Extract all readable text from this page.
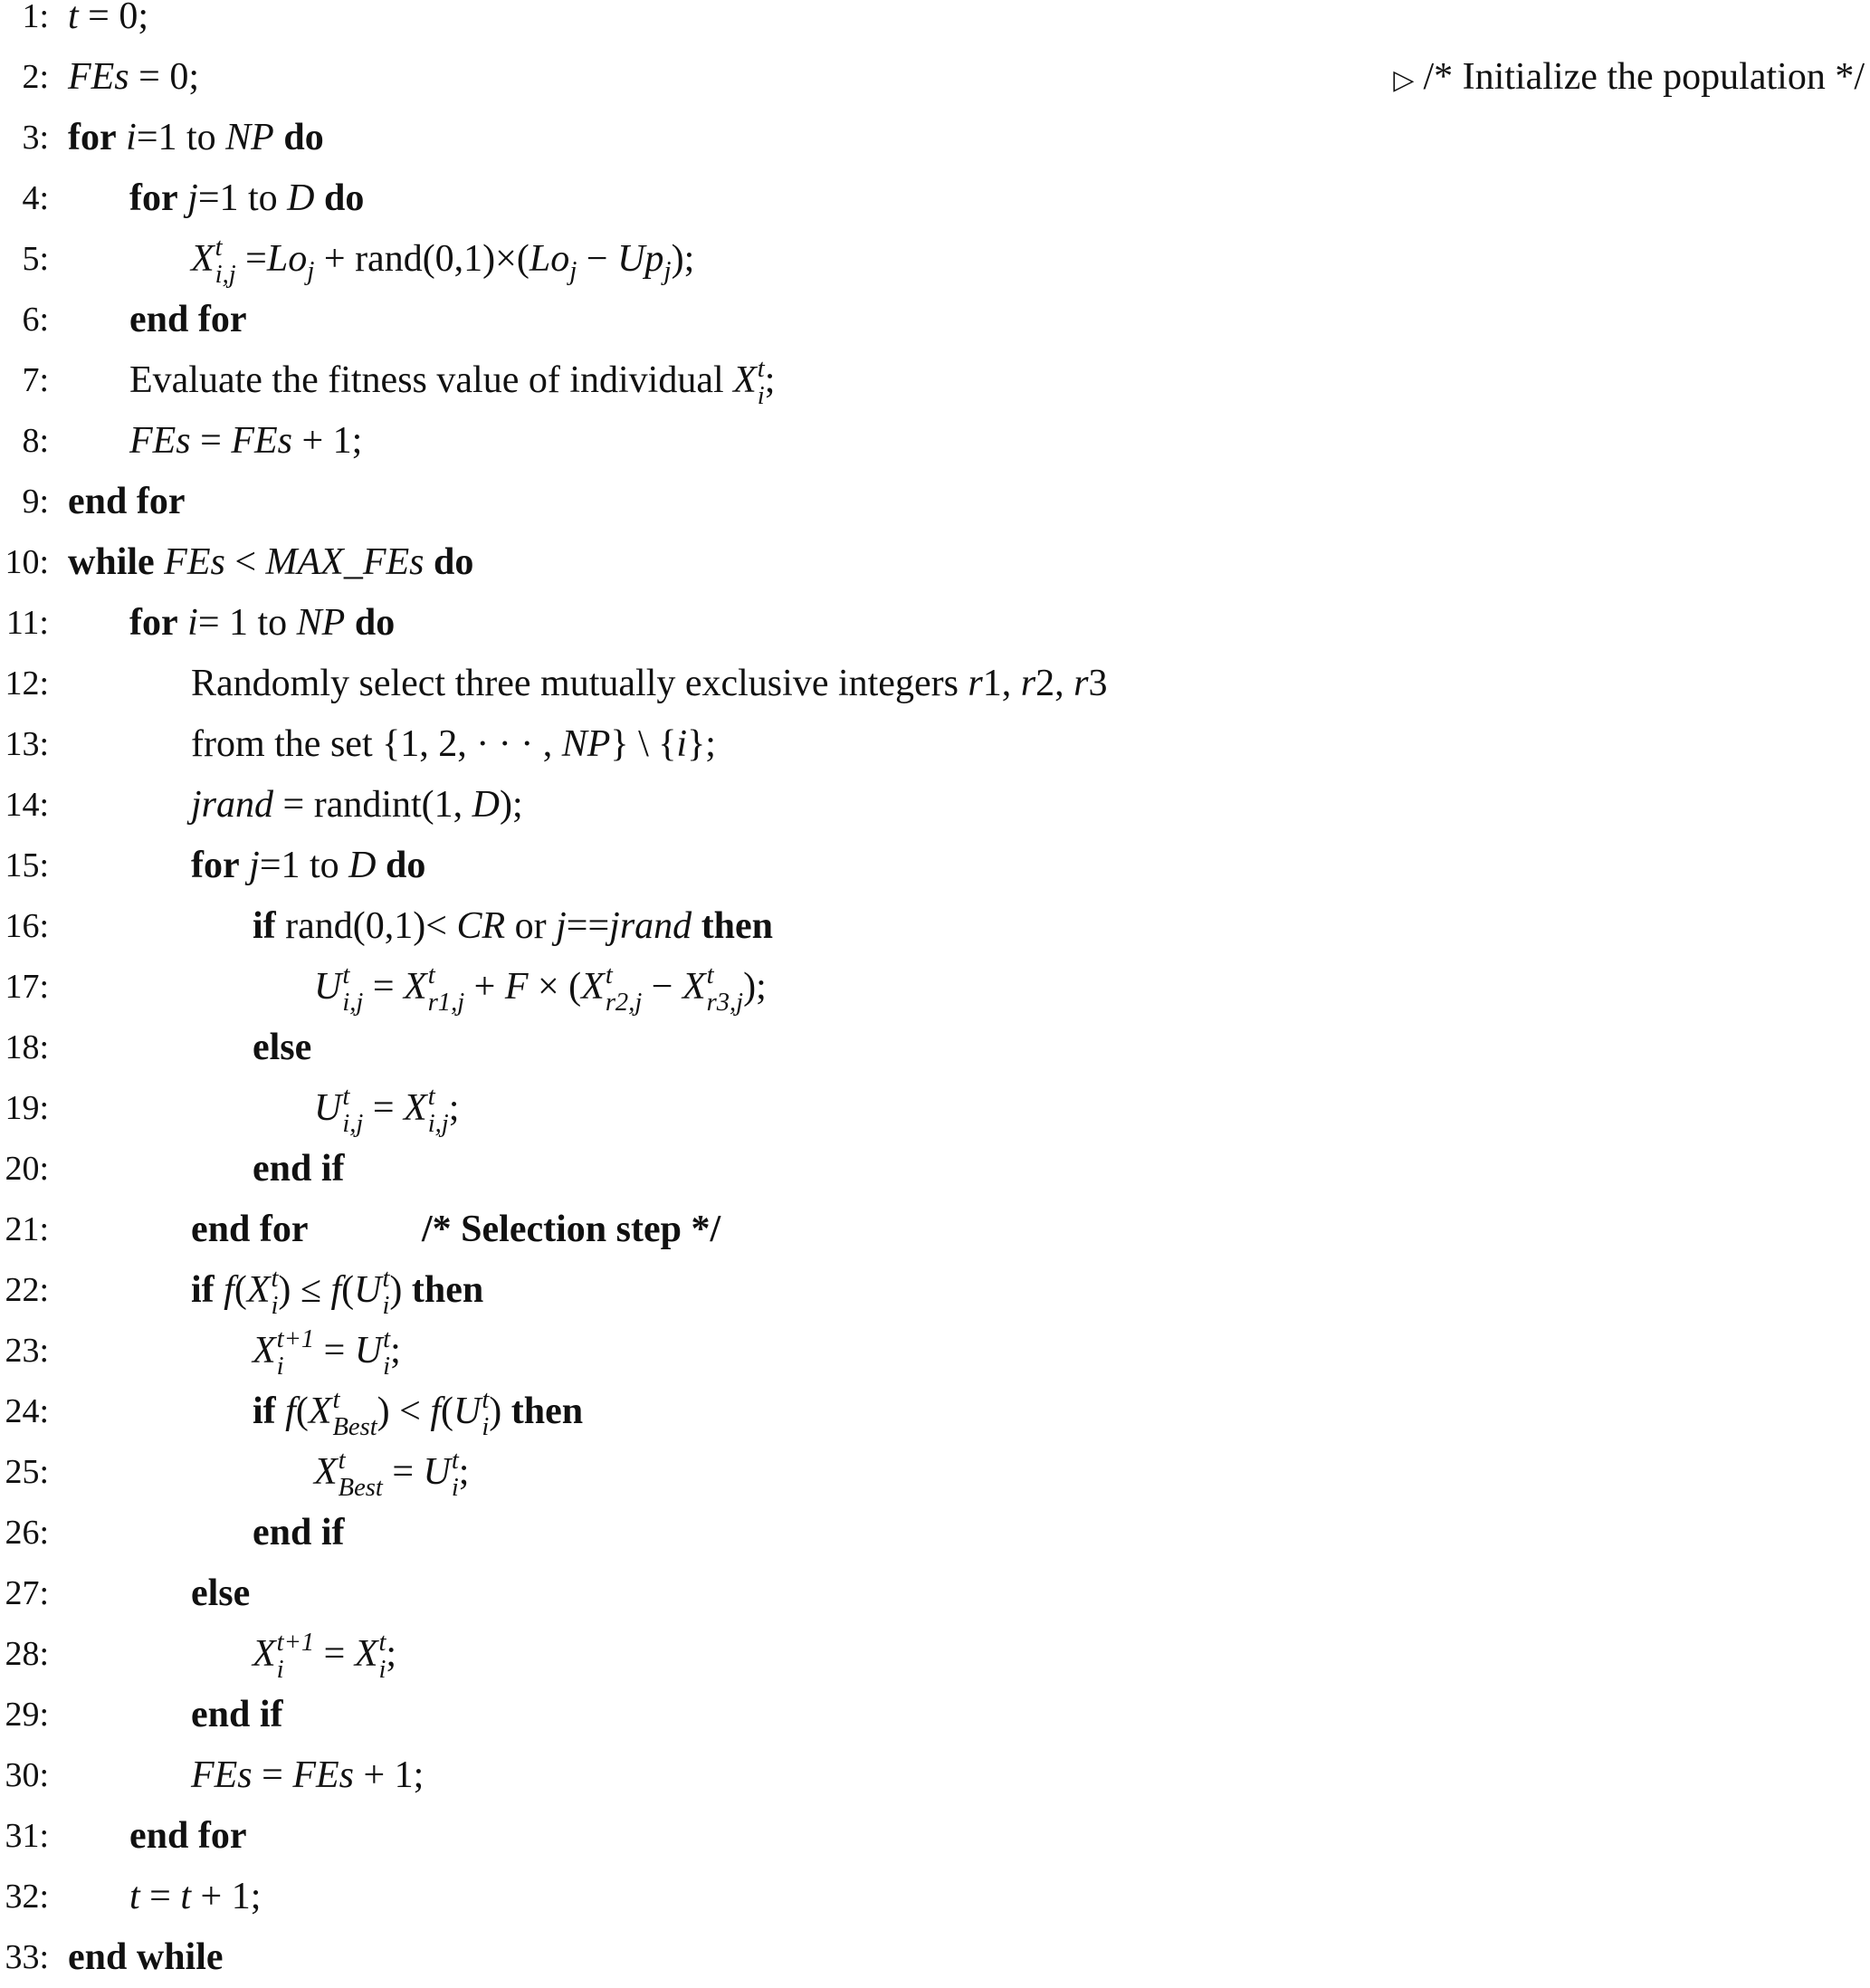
1: t = 0;
2: FEs = 0;	▷ /* Initialize the population */
3: for i=1 to NP do
4: for j=1 to D do
5:	X t
$i,j =Lo_j$ + $rand(0,1)\times(Lo_j - Up_j)$;
6: end for
7: Evaluate the fitness value of individual X t
i ;
8: FEs = FEs + 1;
9: end for
10: while FEs < MAX_FEs do
11: for i= 1 to NP do
12:	Randomly select three mutually exclusive integers r1, r2, r3
13:	from the set {1, 2, · · · , NP} \ {i};
14:	jrand = randint(1, D);
15:	for j=1 to D do
16:	if rand(0,1)< CR or j==jrand then
17:	U t
i,j = X t
r1,j + F × (X t
r2,j − X t
r3,j );
18:	else
19:	U t
i,j = X t
i,j ;
20:	end if
21:	end for	/* Selection step */
22:	if f(X t
i ) ≤ f(U t
i ) then
23:	X t+1
i = U t
i ;
24:	if f(X t
Best ) < f(U t
i ) then
25:	X t
Best = U t
i ;
26:	end if
27:	else
28:	X t+1
i = X t
i ;
29:	end if
30:	FEs = FEs + 1;
31: end for
32: t = t + 1;
33: end while
